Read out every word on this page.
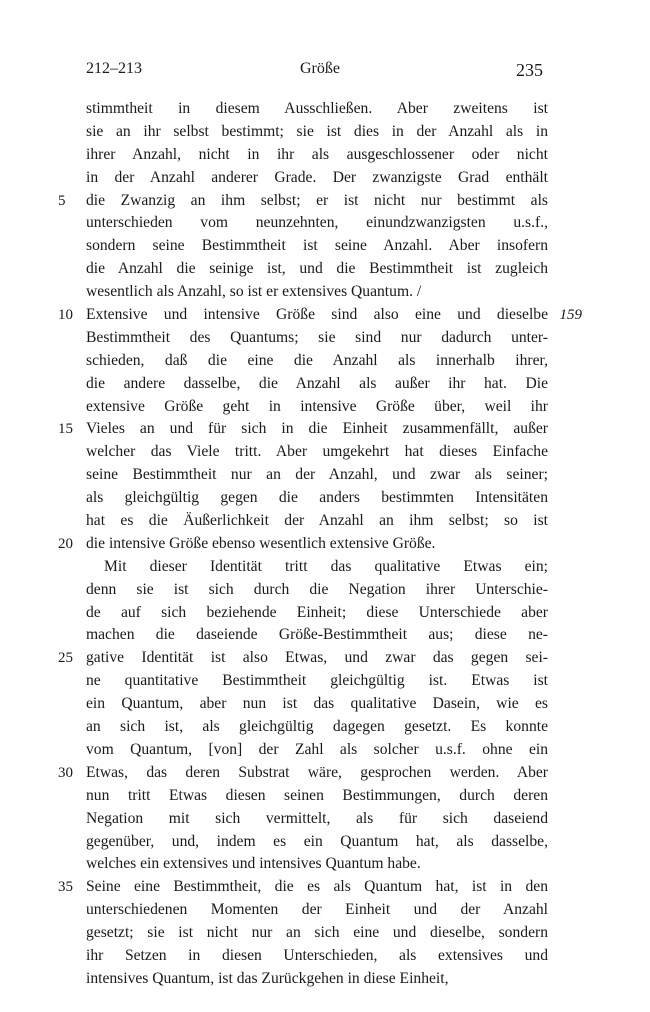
212–213	Größe	235
stimmtheit in diesem Ausschließen. Aber zweitens ist
sie an ihr selbst bestimmt; sie ist dies in der Anzahl als in
ihrer Anzahl, nicht in ihr als ausgeschlossener oder nicht
in der Anzahl anderer Grade. Der zwanzigste Grad enthält
die Zwanzig an ihm selbst; er ist nicht nur bestimmt als
5
unterschieden vom neunzehnten, einundzwanzigsten u.s.f.,
sondern seine Bestimmtheit ist seine Anzahl. Aber insofern
die Anzahl die seinige ist, und die Bestimmtheit ist zugleich
wesentlich als Anzahl, so ist er extensives Quantum. /
Extensive und intensive Größe sind also eine und dieselbe
10	159
Bestimmtheit des Quantums; sie sind nur dadurch unter-
schieden, daß die eine die Anzahl als innerhalb ihrer,
die andere dasselbe, die Anzahl als außer ihr hat. Die
extensive Größe geht in intensive Größe über, weil ihr
Vieles an und für sich in die Einheit zusammenfällt, außer
15
welcher das Viele tritt. Aber umgekehrt hat dieses Einfache
seine Bestimmtheit nur an der Anzahl, und zwar als seiner;
als gleichgültig gegen die anders bestimmten Intensitäten
hat es die Äußerlichkeit der Anzahl an ihm selbst; so ist
die intensive Größe ebenso wesentlich extensive Größe.
20
Mit dieser Identität tritt das qualitative Etwas ein;
denn sie ist sich durch die Negation ihrer Unterschie-
de auf sich beziehende Einheit; diese Unterschiede aber
machen die daseiende Größe-Bestimmtheit aus; diese ne-
gative Identität ist also Etwas, und zwar das gegen sei-
25
ne quantitative Bestimmtheit gleichgültig ist. Etwas ist
ein Quantum, aber nun ist das qualitative Dasein, wie es
an sich ist, als gleichgültig dagegen gesetzt. Es konnte
vom Quantum, [von] der Zahl als solcher u.s.f. ohne ein
Etwas, das deren Substrat wäre, gesprochen werden. Aber
30
nun tritt Etwas diesen seinen Bestimmungen, durch deren
Negation mit sich vermittelt, als für sich daseiend
gegenüber, und, indem es ein Quantum hat, als dasselbe,
welches ein extensives und intensives Quantum habe.
Seine eine Bestimmtheit, die es als Quantum hat, ist in den
35
unterschiedenen Momenten der Einheit und der Anzahl
gesetzt; sie ist nicht nur an sich eine und dieselbe, sondern
ihr Setzen in diesen Unterschieden, als extensives und
intensives Quantum, ist das Zurückgehen in diese Einheit,
